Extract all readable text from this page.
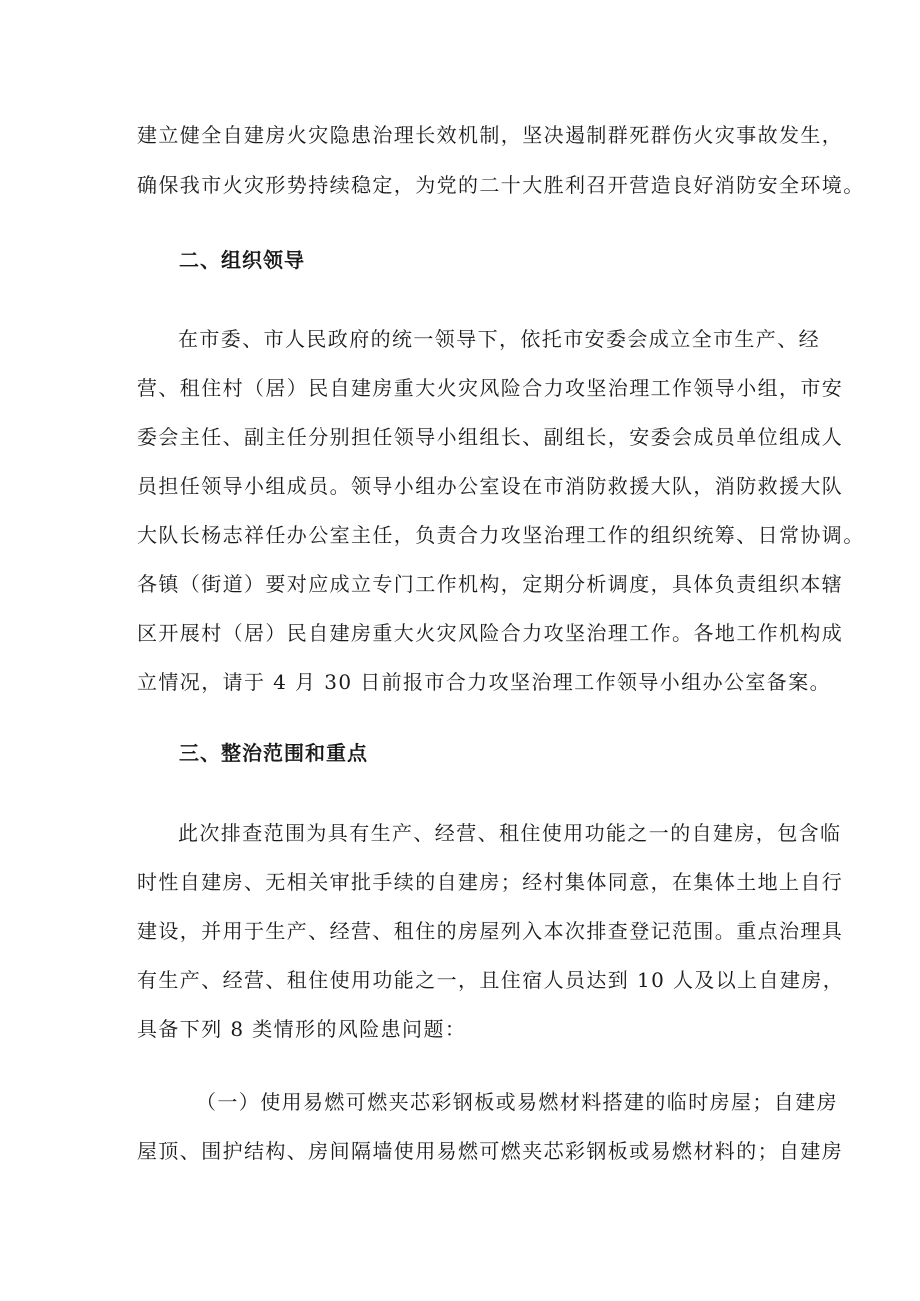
建立健全自建房火灾隐患治理长效机制，坚决遏制群死群伤火灾事故发生，
确保我市火灾形势持续稳定，为党的二十大胜利召开营造良好消防安全环境。
二、组织领导
在市委、市人民政府的统一领导下，依托市安委会成立全市生产、经
营、租住村（居）民自建房重大火灾风险合力攻坚治理工作领导小组，市安
委会主任、副主任分别担任领导小组组长、副组长，安委会成员单位组成人
员担任领导小组成员。领导小组办公室设在市消防救援大队，消防救援大队
大队长杨志祥任办公室主任，负责合力攻坚治理工作的组织统筹、日常协调。
各镇（街道）要对应成立专门工作机构，定期分析调度，具体负责组织本辖
区开展村（居）民自建房重大火灾风险合力攻坚治理工作。各地工作机构成
立情况，请于 4 月 30 日前报市合力攻坚治理工作领导小组办公室备案。
三、整治范围和重点
此次排查范围为具有生产、经营、租住使用功能之一的自建房，包含临
时性自建房、无相关审批手续的自建房；经村集体同意，在集体土地上自行
建设，并用于生产、经营、租住的房屋列入本次排查登记范围。重点治理具
有生产、经营、租住使用功能之一，且住宿人员达到 10 人及以上自建房，
具备下列 8 类情形的风险患问题：
（一）使用易燃可燃夹芯彩钢板或易燃材料搭建的临时房屋；自建房
屋顶、围护结构、房间隔墙使用易燃可燃夹芯彩钢板或易燃材料的；自建房
